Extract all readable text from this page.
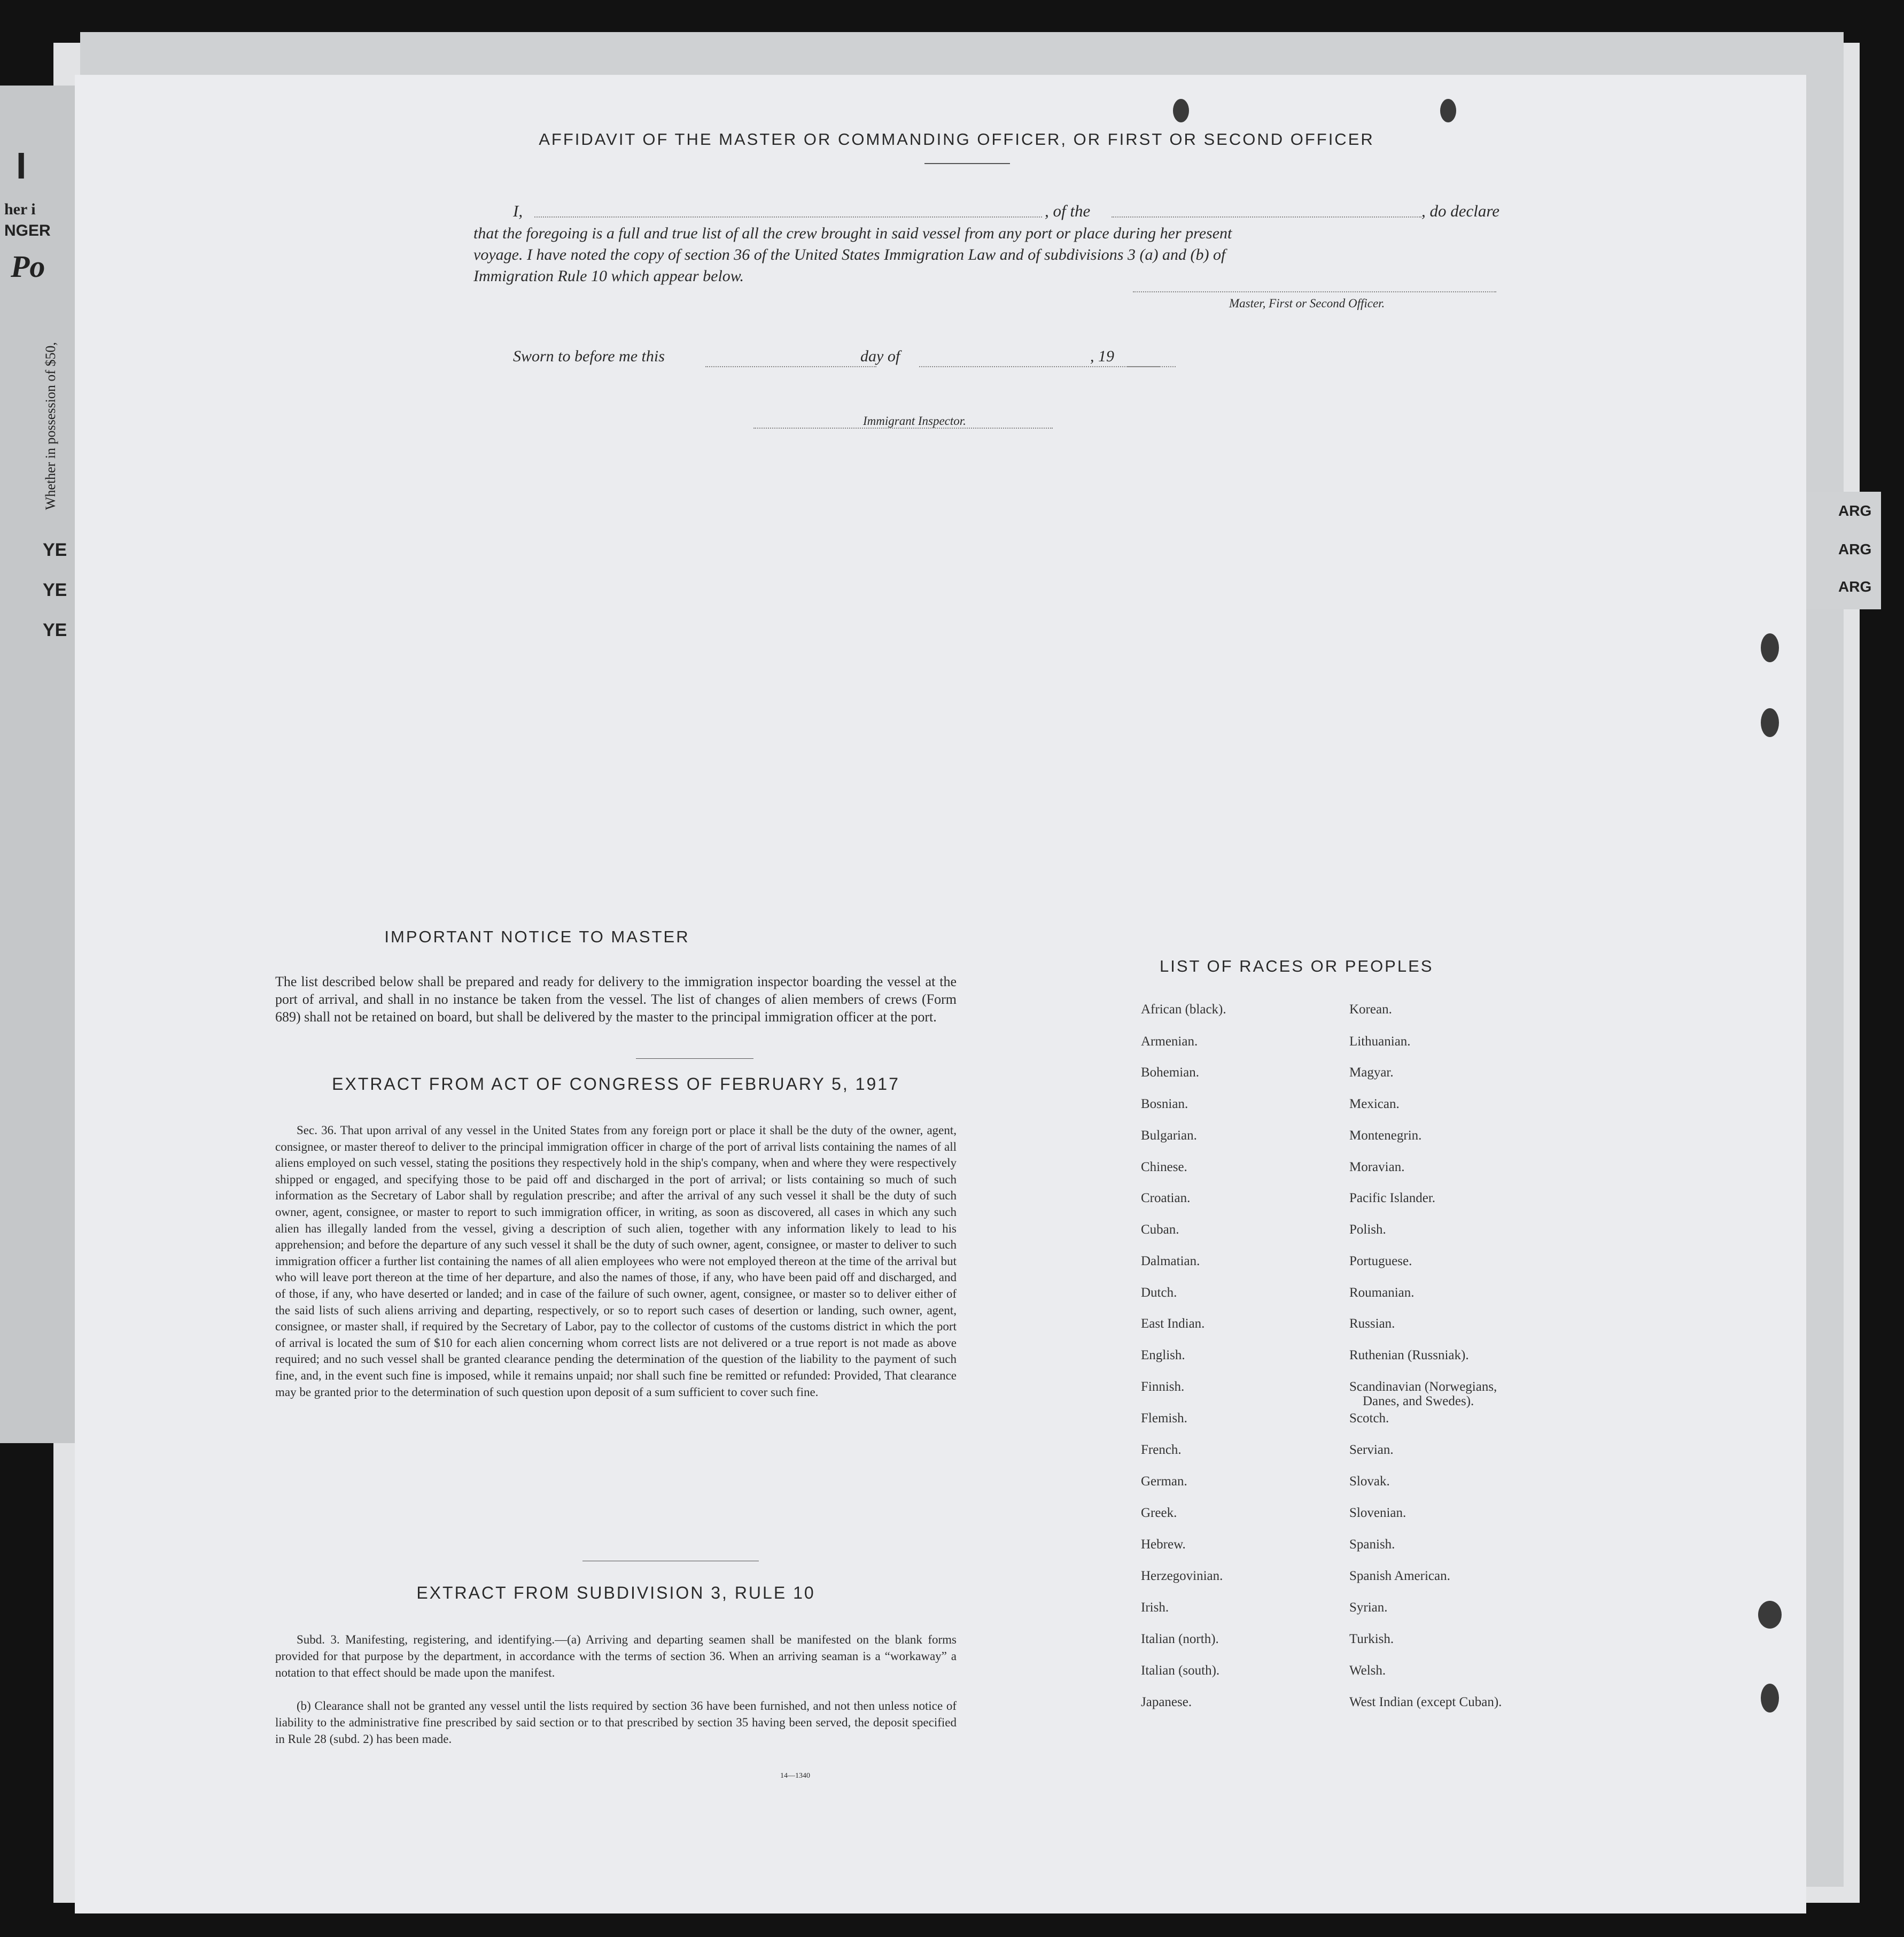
I
her i
NGER
Po
Whether in possession of $50,
YE
YE
YE
ARG
ARG
ARG
AFFIDAVIT OF THE MASTER OR COMMANDING OFFICER, OR FIRST OR SECOND OFFICER
I,	, of the	, do declare
that the foregoing is a full and true list of all the crew brought in said vessel from any port or place during her present
voyage. I have noted the copy of section 36 of the United States Immigration Law and of subdivisions 3 (a) and (b) of
Immigration Rule 10 which appear below.
Master, First or Second Officer.
Sworn to before me this	day of	, 19
Immigrant Inspector.
IMPORTANT NOTICE TO MASTER
The list described below shall be prepared and ready for delivery to the immigration inspector boarding the vessel at the port of arrival, and shall in no instance be taken from the vessel. The list of changes of alien members of crews (Form 689) shall not be retained on board, but shall be delivered by the master to the principal immigration officer at the port.
EXTRACT FROM ACT OF CONGRESS OF FEBRUARY 5, 1917
Sec. 36. That upon arrival of any vessel in the United States from any foreign port or place it shall be the duty of the owner, agent, consignee, or master thereof to deliver to the principal immigration officer in charge of the port of arrival lists containing the names of all aliens employed on such vessel, stating the positions they respectively hold in the ship's company, when and where they were respectively shipped or engaged, and specifying those to be paid off and discharged in the port of arrival; or lists containing so much of such information as the Secretary of Labor shall by regulation prescribe; and after the arrival of any such vessel it shall be the duty of such owner, agent, consignee, or master to report to such immigration officer, in writing, as soon as discovered, all cases in which any such alien has illegally landed from the vessel, giving a description of such alien, together with any information likely to lead to his apprehension; and before the departure of any such vessel it shall be the duty of such owner, agent, consignee, or master to deliver to such immigration officer a further list containing the names of all alien employees who were not employed thereon at the time of the arrival but who will leave port thereon at the time of her departure, and also the names of those, if any, who have been paid off and discharged, and of those, if any, who have deserted or landed; and in case of the failure of such owner, agent, consignee, or master so to deliver either of the said lists of such aliens arriving and departing, respectively, or so to report such cases of desertion or landing, such owner, agent, consignee, or master shall, if required by the Secretary of Labor, pay to the collector of customs of the customs district in which the port of arrival is located the sum of $10 for each alien concerning whom correct lists are not delivered or a true report is not made as above required; and no such vessel shall be granted clearance pending the determination of the question of the liability to the payment of such fine, and, in the event such fine is imposed, while it remains unpaid; nor shall such fine be remitted or refunded: Provided, That clearance may be granted prior to the determination of such question upon deposit of a sum sufficient to cover such fine.
EXTRACT FROM SUBDIVISION 3, RULE 10
Subd. 3. Manifesting, registering, and identifying.—(a) Arriving and departing seamen shall be manifested on the blank forms provided for that purpose by the department, in accordance with the terms of section 36. When an arriving seaman is a “workaway” a notation to that effect should be made upon the manifest.
(b) Clearance shall not be granted any vessel until the lists required by section 36 have been furnished, and not then unless notice of liability to the administrative fine prescribed by said section or to that prescribed by section 35 having been served, the deposit specified in Rule 28 (subd. 2) has been made.
14—1340
LIST OF RACES OR PEOPLES
African (black).
Armenian.
Bohemian.
Bosnian.
Bulgarian.
Chinese.
Croatian.
Cuban.
Dalmatian.
Dutch.
East Indian.
English.
Finnish.
Flemish.
French.
German.
Greek.
Hebrew.
Herzegovinian.
Irish.
Italian (north).
Italian (south).
Japanese.
Korean.
Lithuanian.
Magyar.
Mexican.
Montenegrin.
Moravian.
Pacific Islander.
Polish.
Portuguese.
Roumanian.
Russian.
Ruthenian (Russniak).
Scandinavian (Norwegians,
Danes, and Swedes).
Scotch.
Servian.
Slovak.
Slovenian.
Spanish.
Spanish American.
Syrian.
Turkish.
Welsh.
West Indian (except Cuban).
